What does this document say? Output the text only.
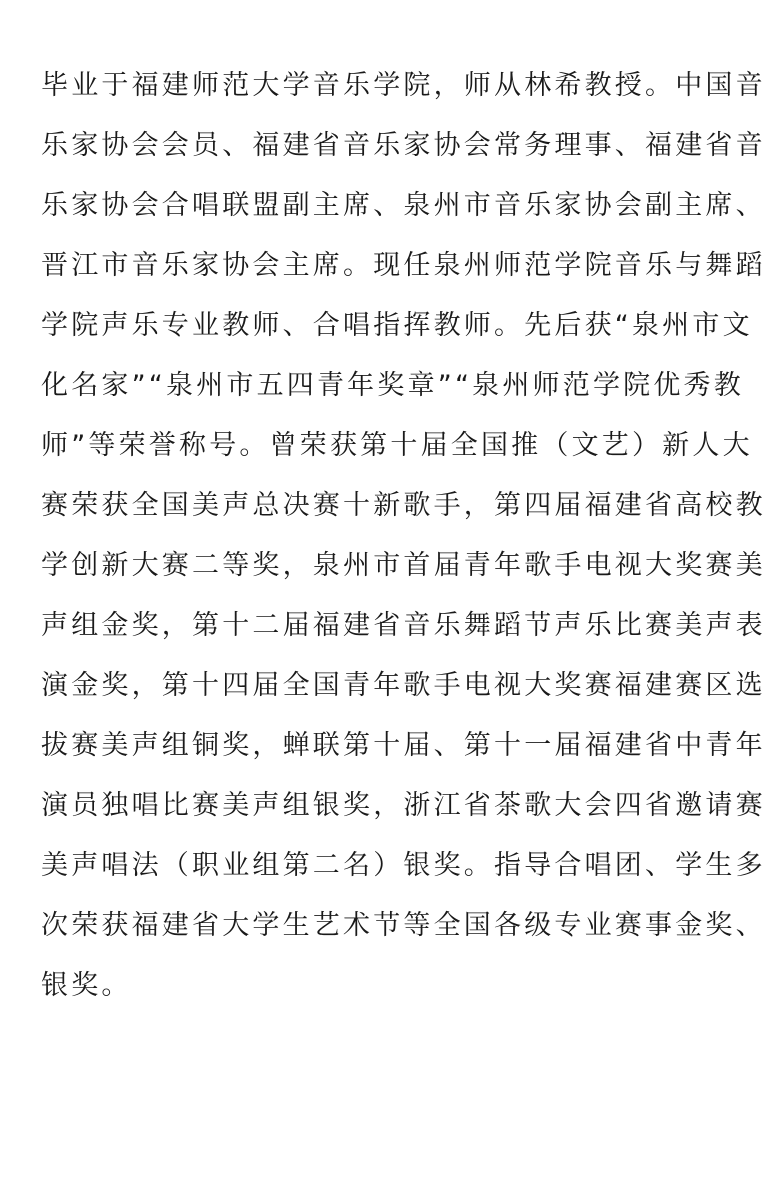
毕业于福建师范大学音乐学院，师从林希教授。中国音
乐家协会会员、福建省音乐家协会常务理事、福建省音
乐家协会合唱联盟副主席、泉州市音乐家协会副主席、
晋江市音乐家协会主席。现任泉州师范学院音乐与舞蹈
学院声乐专业教师、合唱指挥教师。先后获“泉州市文
化名家”“泉州市五四青年奖章”“泉州师范学院优秀教
师”等荣誉称号。曾荣获第十届全国推（文艺）新人大
赛荣获全国美声总决赛十新歌手，第四届福建省高校教
学创新大赛二等奖，泉州市首届青年歌手电视大奖赛美
声组金奖，第十二届福建省音乐舞蹈节声乐比赛美声表
演金奖，第十四届全国青年歌手电视大奖赛福建赛区选
拔赛美声组铜奖，蝉联第十届、第十一届福建省中青年
演员独唱比赛美声组银奖，浙江省茶歌大会四省邀请赛
美声唱法（职业组第二名）银奖。指导合唱团、学生多
次荣获福建省大学生艺术节等全国各级专业赛事金奖、
银奖。
